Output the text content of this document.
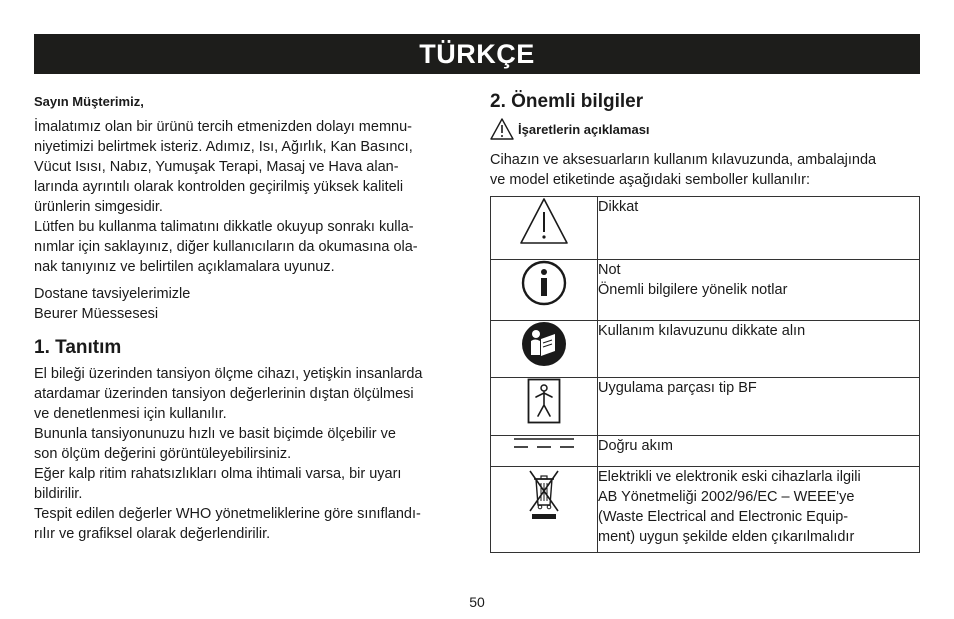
TÜRKÇE
Sayın Müşterimiz,

İmalatımız olan bir ürünü tercih etmenizden dolayı memnu-

niyetimizi belirtmek isteriz. Adımız, Isı, Ağırlık, Kan Basıncı,

Vücut Isısı, Nabız, Yumuşak Terapi, Masaj ve Hava alan-

larında ayrıntılı olarak kontrolden geçirilmiş yüksek kaliteli

ürünlerin simgesidir.

Lütfen bu kullanma talimatını dikkatle okuyup sonrakı kulla-

nımlar için saklayınız, diğer kullanıcıların da okumasına ola-

nak tanıyınız ve belirtilen açıklamalara uyunuz.

Dostane tavsiyelerimizle

Beurer Müessesesi

1. Tanıtım

El bileği üzerinden tansiyon ölçme cihazı, yetişkin insanlarda

atardamar üzerinden tansiyon değerlerinin dıştan ölçülmesi

ve denetlenmesi için kullanılır.

Bununla tansiyonunuzu hızlı ve basit biçimde ölçebilir ve

son ölçüm değerini görüntüleyebilirsiniz.

Eğer kalp ritim rahatsızlıkları olma ihtimali varsa, bir uyarı

bildirilir.

Tespit edilen değerler WHO yönetmeliklerine göre sınıflandı-

rılır ve grafiksel olarak değerlendirilir.

2. Önemli bilgiler
İşaretlerin açıklaması

Cihazın ve aksesuarların kullanım kılavuzunda, ambalajında

ve model etiketinde aşağıdaki semboller kullanılır:

Dikkat

Not
Önemli bilgilere yönelik notlar

Kullanım kılavuzunu dikkate alın

Uygulama parçası tip BF

Doğru akım

Elektrikli ve elektronik eski cihazlarla ilgili
AB Yönetmeliği 2002/96/EC – WEEE'ye
(Waste Electrical and Electronic Equip-
ment) uygun şekilde elden çıkarılmalıdır
50
